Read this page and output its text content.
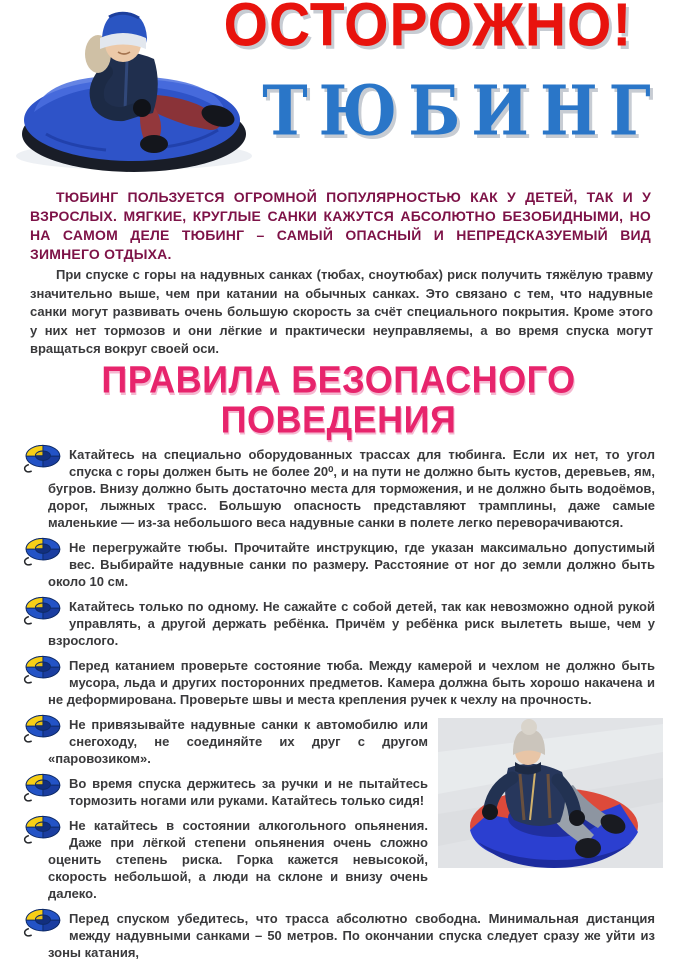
ОСТОРОЖНО!
ТЮБИНГ

ТЮБИНГ ПОЛЬЗУЕТСЯ ОГРОМНОЙ ПОПУЛЯРНОСТЬЮ КАК У ДЕТЕЙ, ТАК И У ВЗРОСЛЫХ. МЯГКИЕ, КРУГЛЫЕ САНКИ КАЖУТСЯ АБСОЛЮТНО БЕЗОБИДНЫМИ, НО НА САМОМ ДЕЛЕ ТЮБИНГ – САМЫЙ ОПАСНЫЙ И НЕПРЕДСКАЗУЕМЫЙ ВИД ЗИМНЕГО ОТДЫХА.

При спуске с горы на надувных санках (тюбах, сноутюбах) риск получить тяжёлую травму значительно выше, чем при катании на обычных санках. Это связано с тем, что надувные санки могут развивать очень большую скорость за счёт специального покрытия. Кроме этого у них нет тормозов и они лёгкие и практически неуправляемы, а во время спуска могут вращаться вокруг своей оси.

ПРАВИЛА БЕЗОПАСНОГО ПОВЕДЕНИЯ
Катайтесь на специально оборудованных трассах для тюбинга. Если их нет, то угол спуска с горы должен быть не более 20⁰, и на пути не должно быть кустов, деревьев, ям, бугров. Внизу должно быть достаточно места для торможения, и не должно быть водоёмов, дорог, лыжных трасс. Большую опасность представляют трамплины, даже самые маленькие — из-за небольшого веса надувные санки в полете легко переворачиваются.
Не перегружайте тюбы. Прочитайте инструкцию, где указан максимально допустимый вес. Выбирайте надувные санки по размеру. Расстояние от ног до земли должно быть около 10 см.
Катайтесь только по одному. Не сажайте с собой детей, так как невозможно одной рукой управлять, а другой держать ребёнка. Причём у ребёнка риск вылететь выше, чем у взрослого.
Перед катанием проверьте состояние тюба. Между камерой и чехлом не должно быть мусора, льда и других посторонних предметов. Камера должна быть хорошо накачена и не деформирована. Проверьте швы и места крепления ручек к чехлу на прочность.
Не привязывайте надувные санки к автомобилю или снегоходу, не соединяйте их друг с другом «паровозиком».
Во время спуска держитесь за ручки и не пытайтесь тормозить ногами или руками. Катайтесь только сидя!
Не катайтесь в состоянии алкогольного опьянения. Даже при лёгкой степени опьянения очень сложно оценить степень риска. Горка кажется невысокой, скорость небольшой, а люди на склоне и внизу очень далеко.
Перед спуском убедитесь, что трасса абсолютно свободна. Минимальная дистанция между надувными санками – 50 метров. По окончании спуска следует сразу же уйти из зоны катания,
